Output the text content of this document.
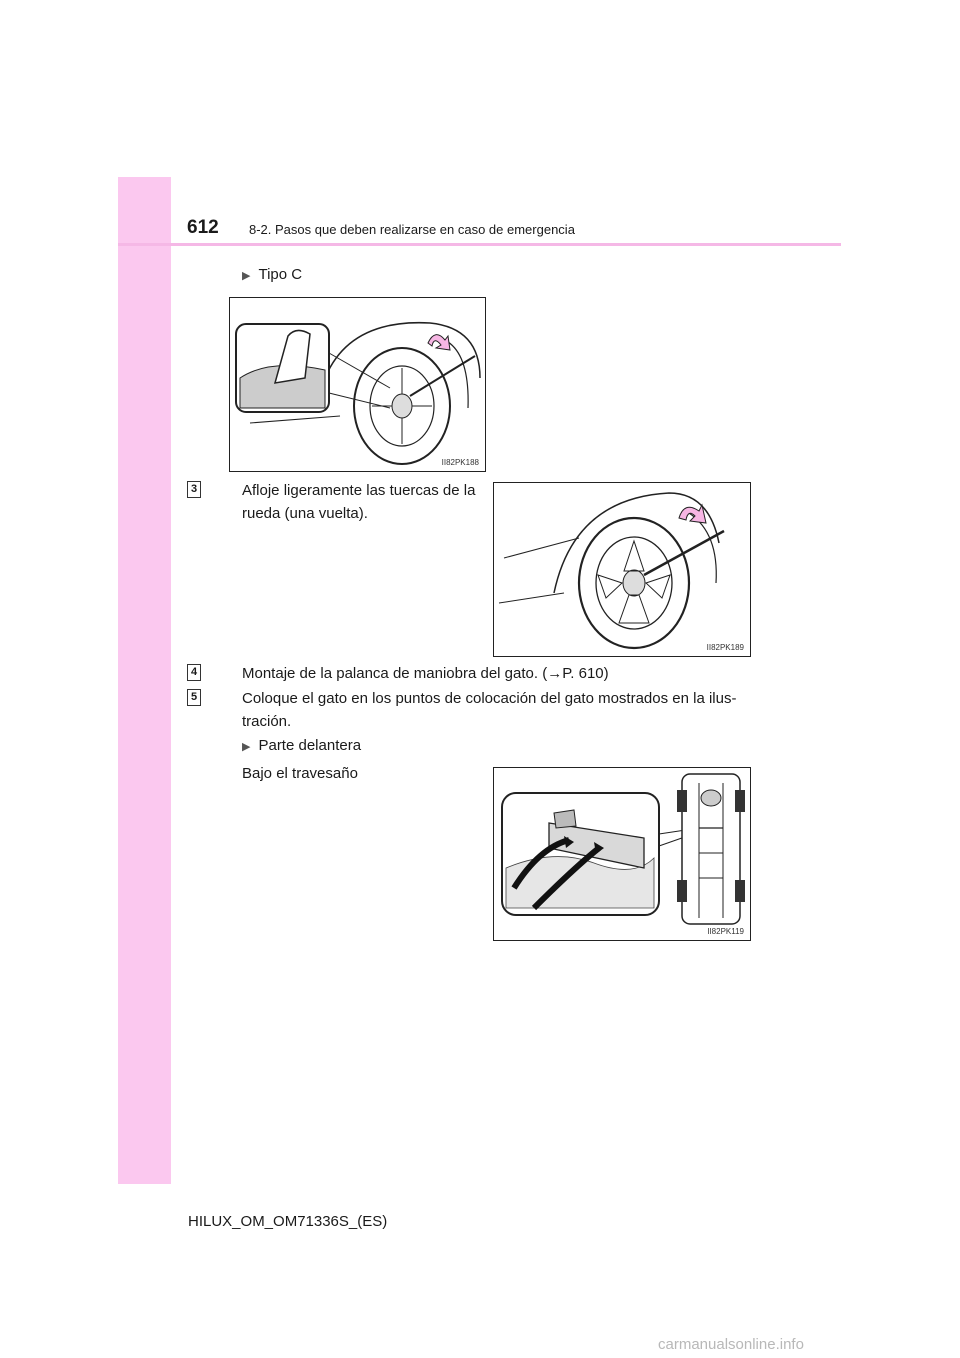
612 8-2. Pasos que deben realizarse en caso de emergencia
▶ Tipo C
II82PK188
3	Afloje ligeramente las tuercas de la
rueda (una vuelta).
II82PK189
4	Montaje de la palanca de maniobra del gato. (→P. 610)
5	Coloque el gato en los puntos de colocación del gato mostrados en la ilus-
tración.
▶ Parte delantera
Bajo el travesaño
II82PK119
HILUX_OM_OM71336S_(ES)
carmanualsonline.info
